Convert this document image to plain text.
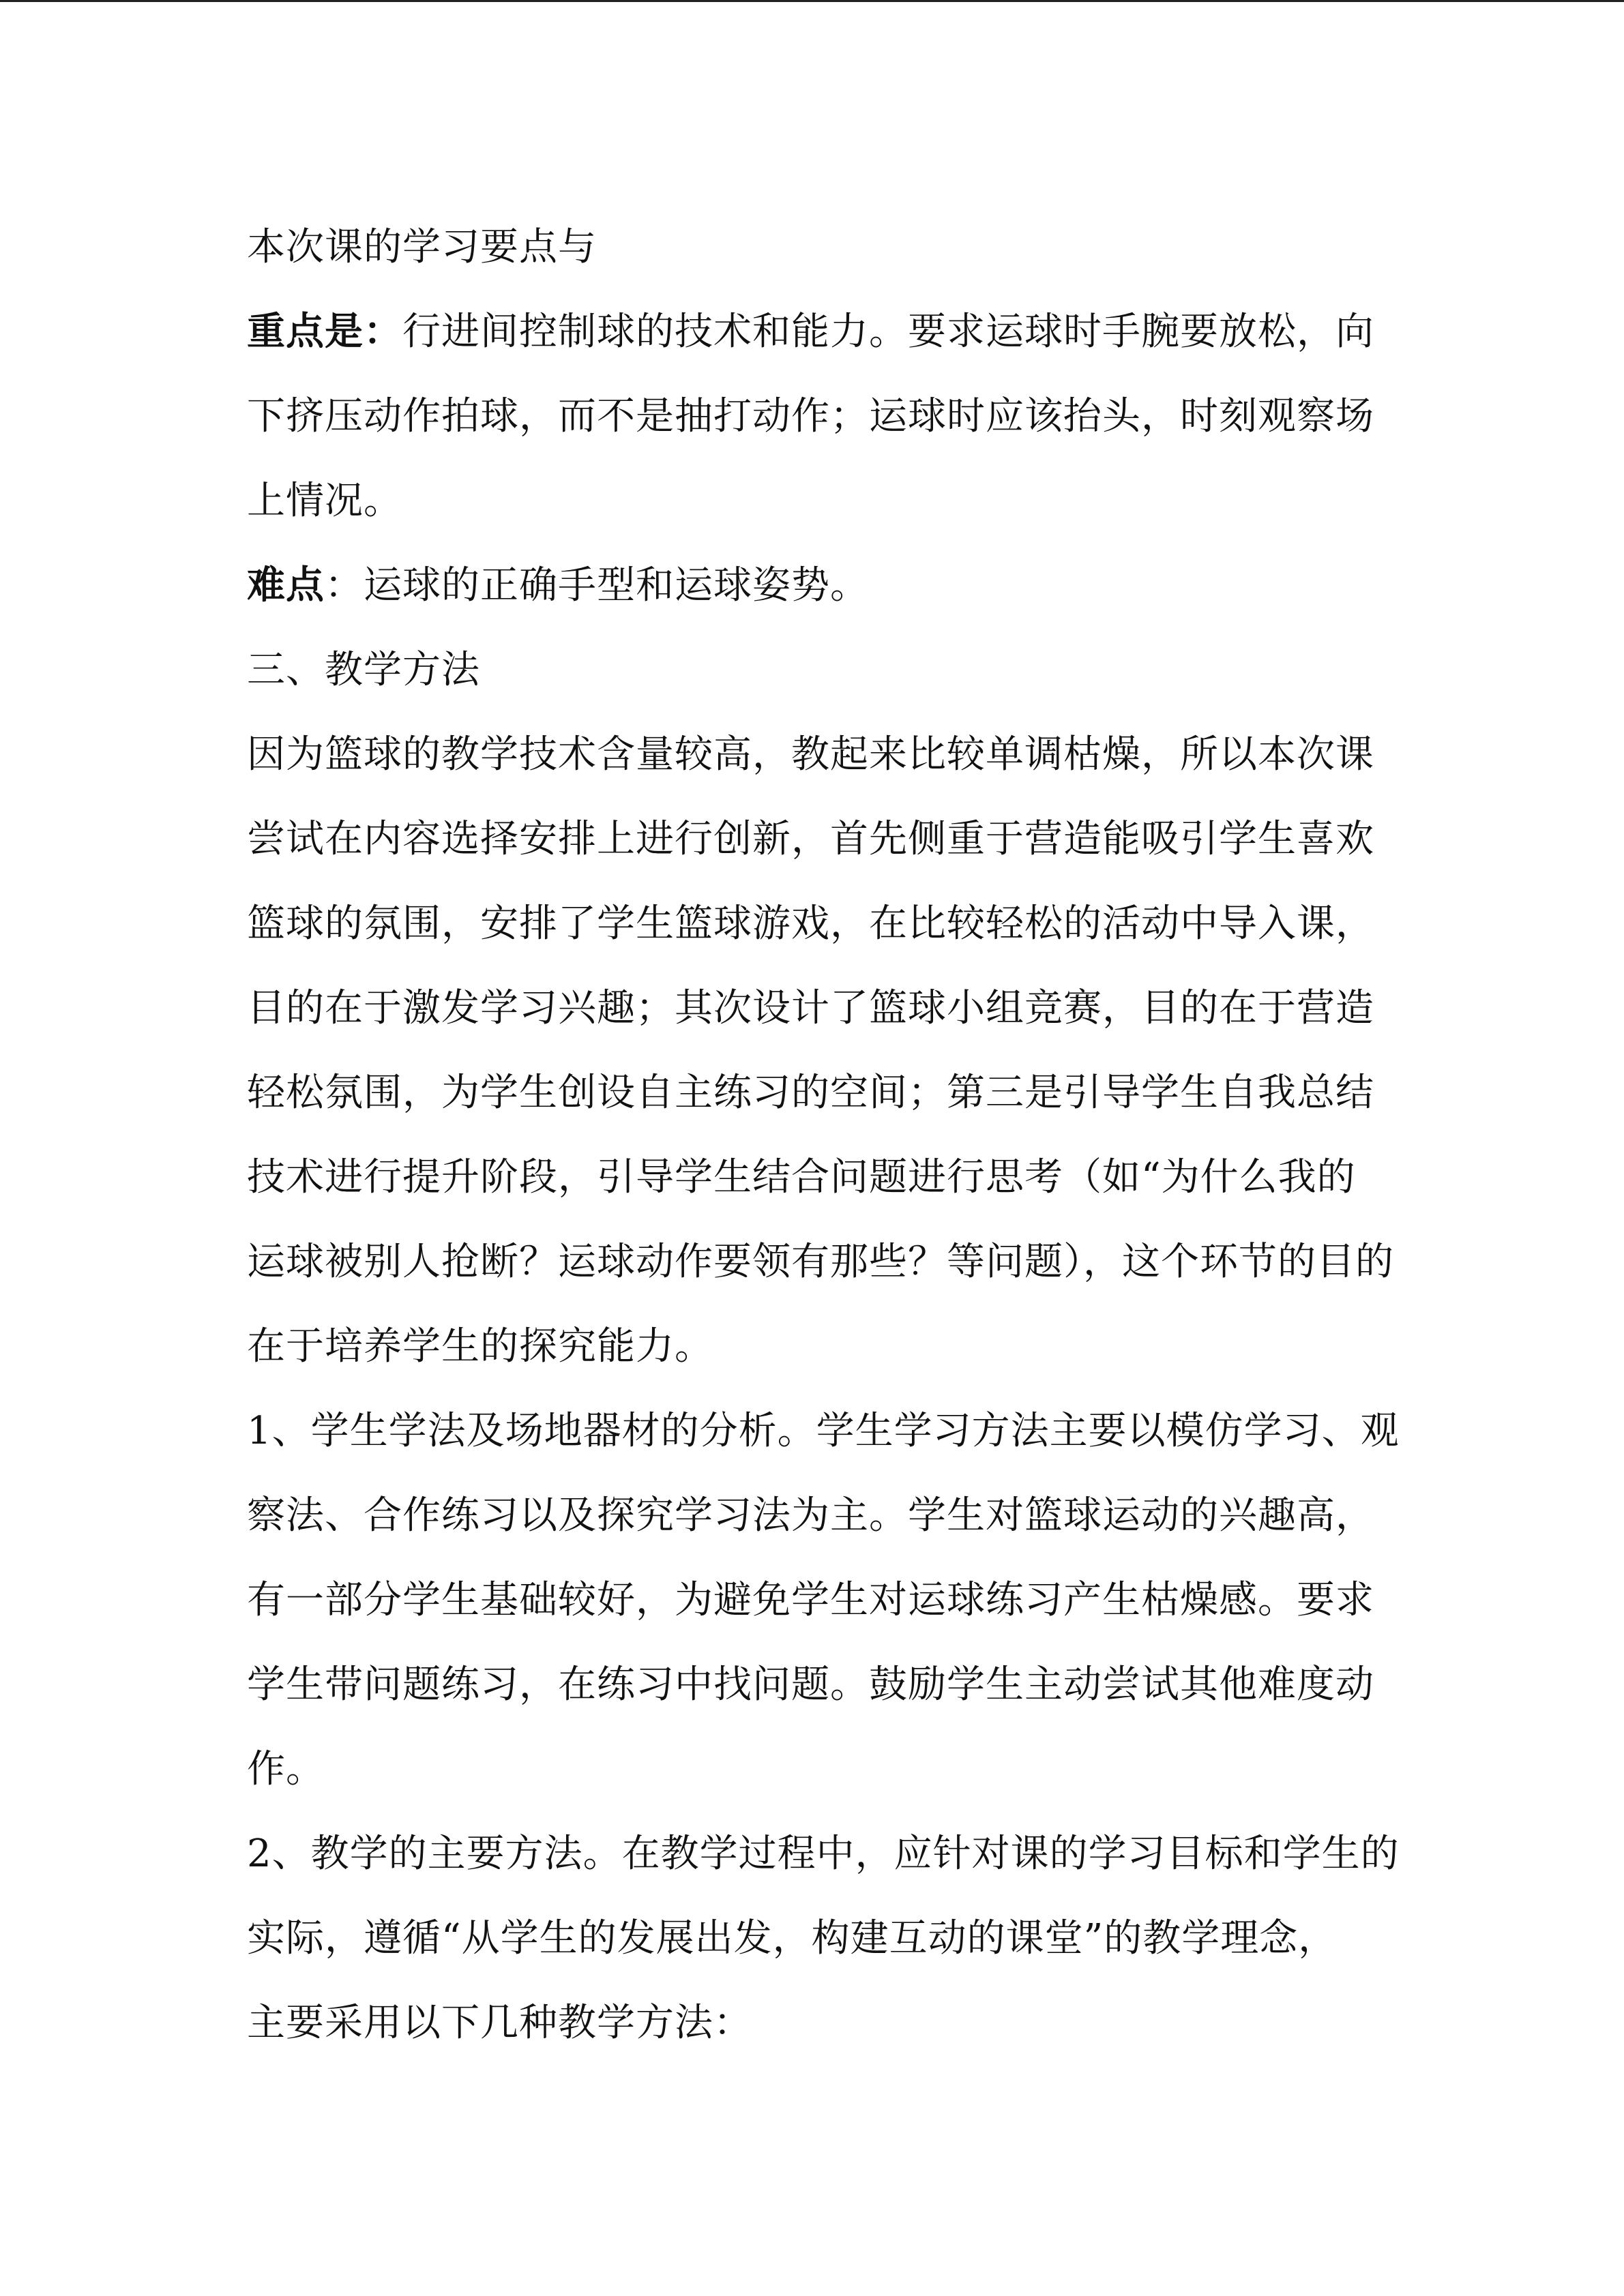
本次课的学习要点与
重点是：行进间控制球的技术和能力。要求运球时手腕要放松，向
下挤压动作拍球，而不是抽打动作；运球时应该抬头，时刻观察场
上情况。
难点：运球的正确手型和运球姿势。
三、教学方法
因为篮球的教学技术含量较高，教起来比较单调枯燥，所以本次课
尝试在内容选择安排上进行创新，首先侧重于营造能吸引学生喜欢
篮球的氛围，安排了学生篮球游戏，在比较轻松的活动中导入课，
目的在于激发学习兴趣；其次设计了篮球小组竞赛，目的在于营造
轻松氛围，为学生创设自主练习的空间；第三是引导学生自我总结
技术进行提升阶段，引导学生结合问题进行思考（如“为什么我的
运球被别人抢断？运球动作要领有那些？等问题），这个环节的目的
在于培养学生的探究能力。
1、学生学法及场地器材的分析。学生学习方法主要以模仿学习、观
察法、合作练习以及探究学习法为主。学生对篮球运动的兴趣高，
有一部分学生基础较好，为避免学生对运球练习产生枯燥感。要求
学生带问题练习，在练习中找问题。鼓励学生主动尝试其他难度动
作。
2、教学的主要方法。在教学过程中，应针对课的学习目标和学生的
实际，遵循“从学生的发展出发，构建互动的课堂”的教学理念，
主要采用以下几种教学方法：
